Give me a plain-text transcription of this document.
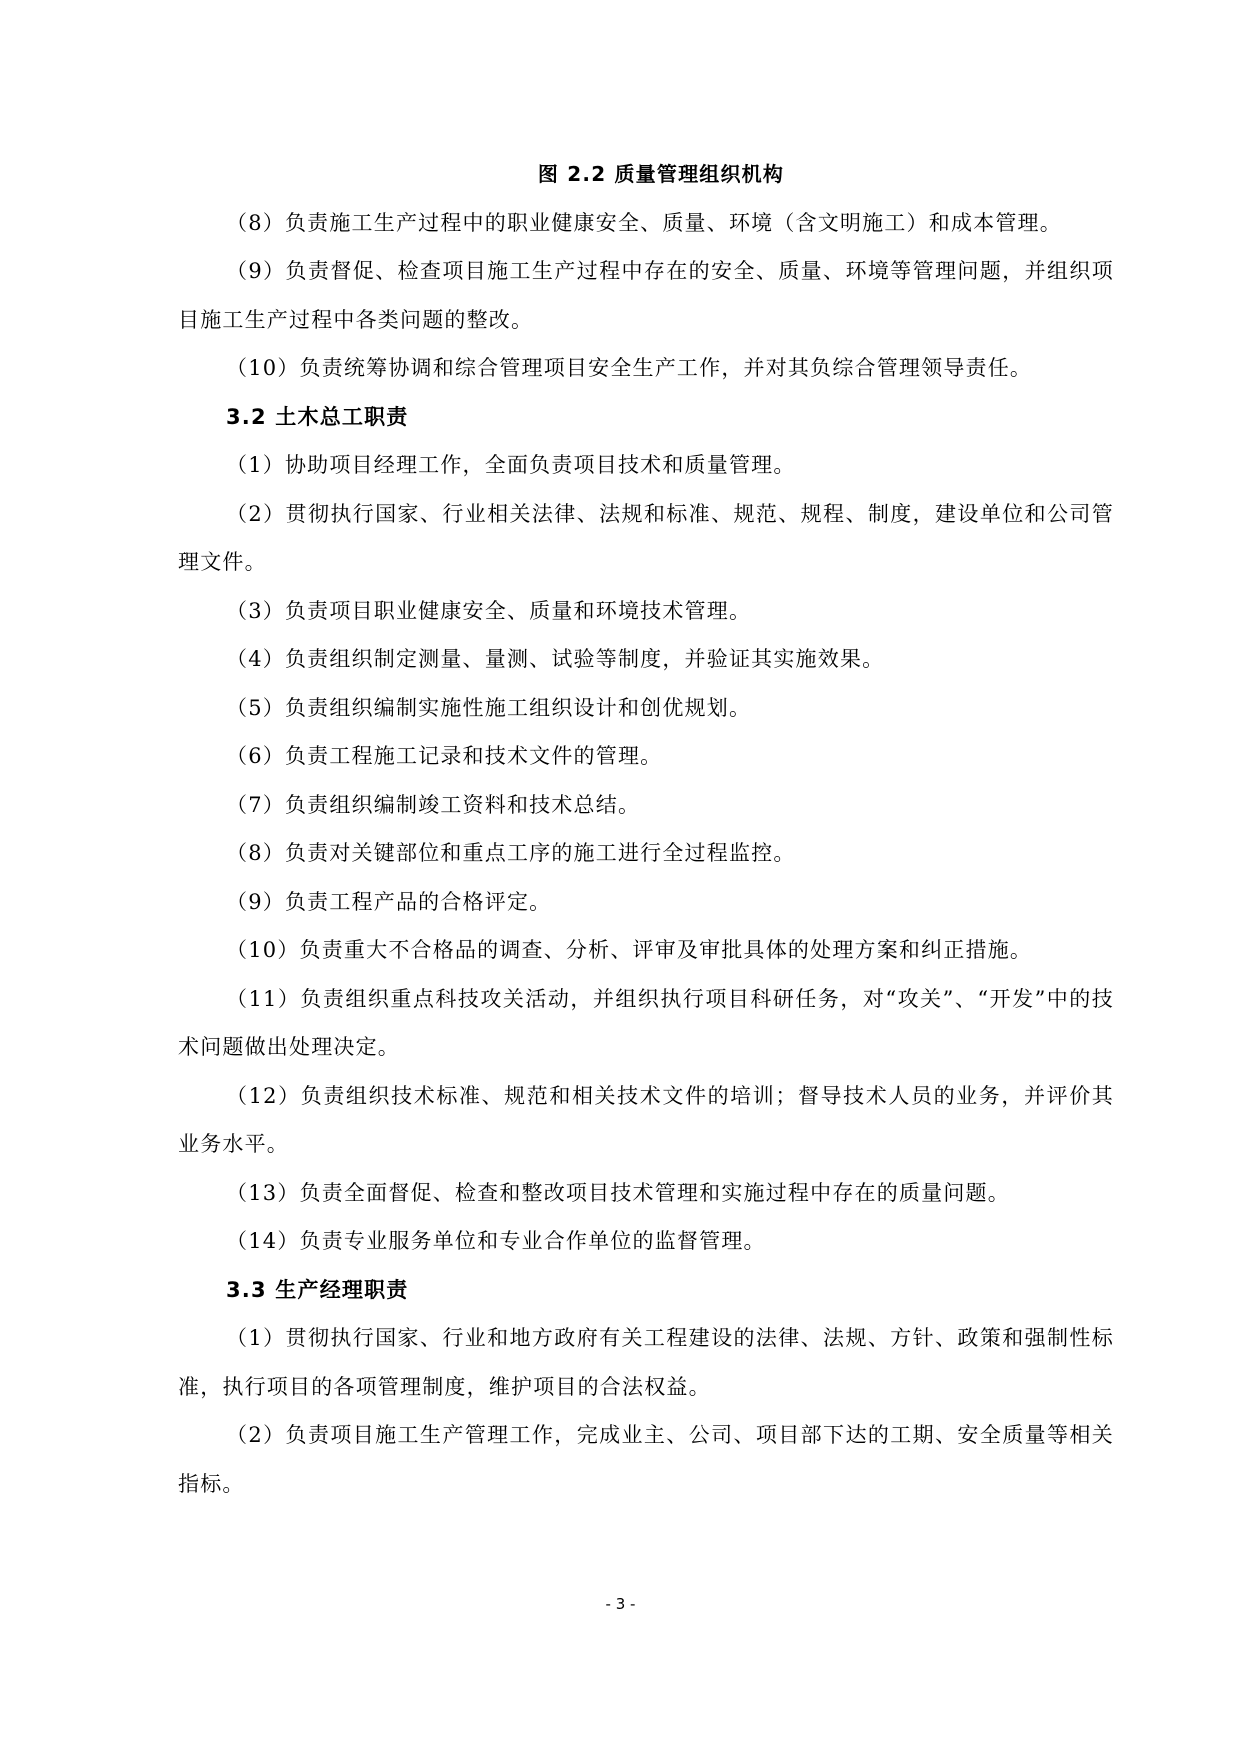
图 2.2 质量管理组织机构

（8）负责施工生产过程中的职业健康安全、质量、环境（含文明施工）和成本管理。

（9）负责督促、检查项目施工生产过程中存在的安全、质量、环境等管理问题，并组织项目施工生产过程中各类问题的整改。

（10）负责统筹协调和综合管理项目安全生产工作，并对其负综合管理领导责任。

3.2 土木总工职责

（1）协助项目经理工作，全面负责项目技术和质量管理。

（2）贯彻执行国家、行业相关法律、法规和标准、规范、规程、制度，建设单位和公司管理文件。

（3）负责项目职业健康安全、质量和环境技术管理。

（4）负责组织制定测量、量测、试验等制度，并验证其实施效果。

（5）负责组织编制实施性施工组织设计和创优规划。

（6）负责工程施工记录和技术文件的管理。

（7）负责组织编制竣工资料和技术总结。

（8）负责对关键部位和重点工序的施工进行全过程监控。

（9）负责工程产品的合格评定。

（10）负责重大不合格品的调查、分析、评审及审批具体的处理方案和纠正措施。

（11）负责组织重点科技攻关活动，并组织执行项目科研任务，对“攻关”、“开发”中的技术问题做出处理决定。

（12）负责组织技术标准、规范和相关技术文件的培训；督导技术人员的业务，并评价其业务水平。

（13）负责全面督促、检查和整改项目技术管理和实施过程中存在的质量问题。

（14）负责专业服务单位和专业合作单位的监督管理。

3.3 生产经理职责

（1）贯彻执行国家、行业和地方政府有关工程建设的法律、法规、方针、政策和强制性标准，执行项目的各项管理制度，维护项目的合法权益。

（2）负责项目施工生产管理工作，完成业主、公司、项目部下达的工期、安全质量等相关指标。

- 3 -
